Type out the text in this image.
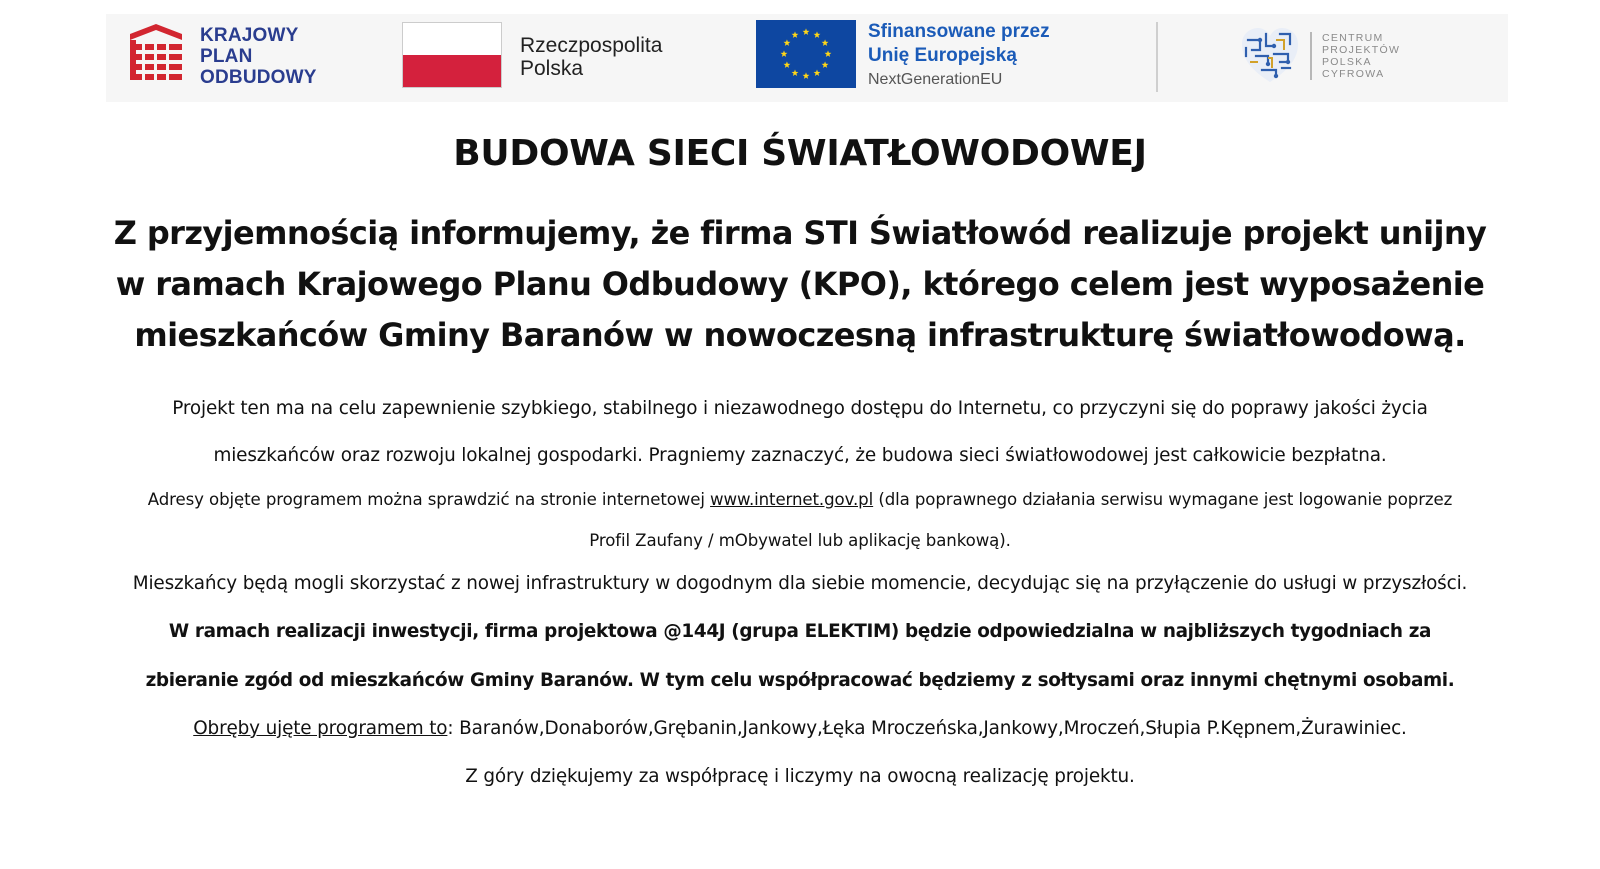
KRAJOWY
PLAN
ODBUDOWY
Rzeczpospolita
Polska
Sfinansowane przez
Unię Europejską
NextGenerationEU
CENTRUM
PROJEKTÓW
POLSKA
CYFROWA
BUDOWA SIECI ŚWIATŁOWODOWEJ
Z przyjemnością informujemy, że firma STI Światłowód realizuje projekt unijny
w ramach Krajowego Planu Odbudowy (KPO), którego celem jest wyposażenie
mieszkańców Gminy Baranów w nowoczesną infrastrukturę światłowodową.
Projekt ten ma na celu zapewnienie szybkiego, stabilnego i niezawodnego dostępu do Internetu, co przyczyni się do poprawy jakości życia
mieszkańców oraz rozwoju lokalnej gospodarki. Pragniemy zaznaczyć, że budowa sieci światłowodowej jest całkowicie bezpłatna.
Adresy objęte programem można sprawdzić na stronie internetowej www.internet.gov.pl (dla poprawnego działania serwisu wymagane jest logowanie poprzez
Profil Zaufany / mObywatel lub aplikację bankową).
Mieszkańcy będą mogli skorzystać z nowej infrastruktury w dogodnym dla siebie momencie, decydując się na przyłączenie do usługi w przyszłości.
W ramach realizacji inwestycji, firma projektowa @144J (grupa ELEKTIM) będzie odpowiedzialna w najbliższych tygodniach za
zbieranie zgód od mieszkańców Gminy Baranów. W tym celu współpracować będziemy z sołtysami oraz innymi chętnymi osobami.
Obręby ujęte programem to: Baranów,Donaborów,Grębanin,Jankowy,Łęka Mroczeńska,Jankowy,Mroczeń,Słupia P.Kępnem,Żurawiniec.
Z góry dziękujemy za współpracę i liczymy na owocną realizację projektu.
